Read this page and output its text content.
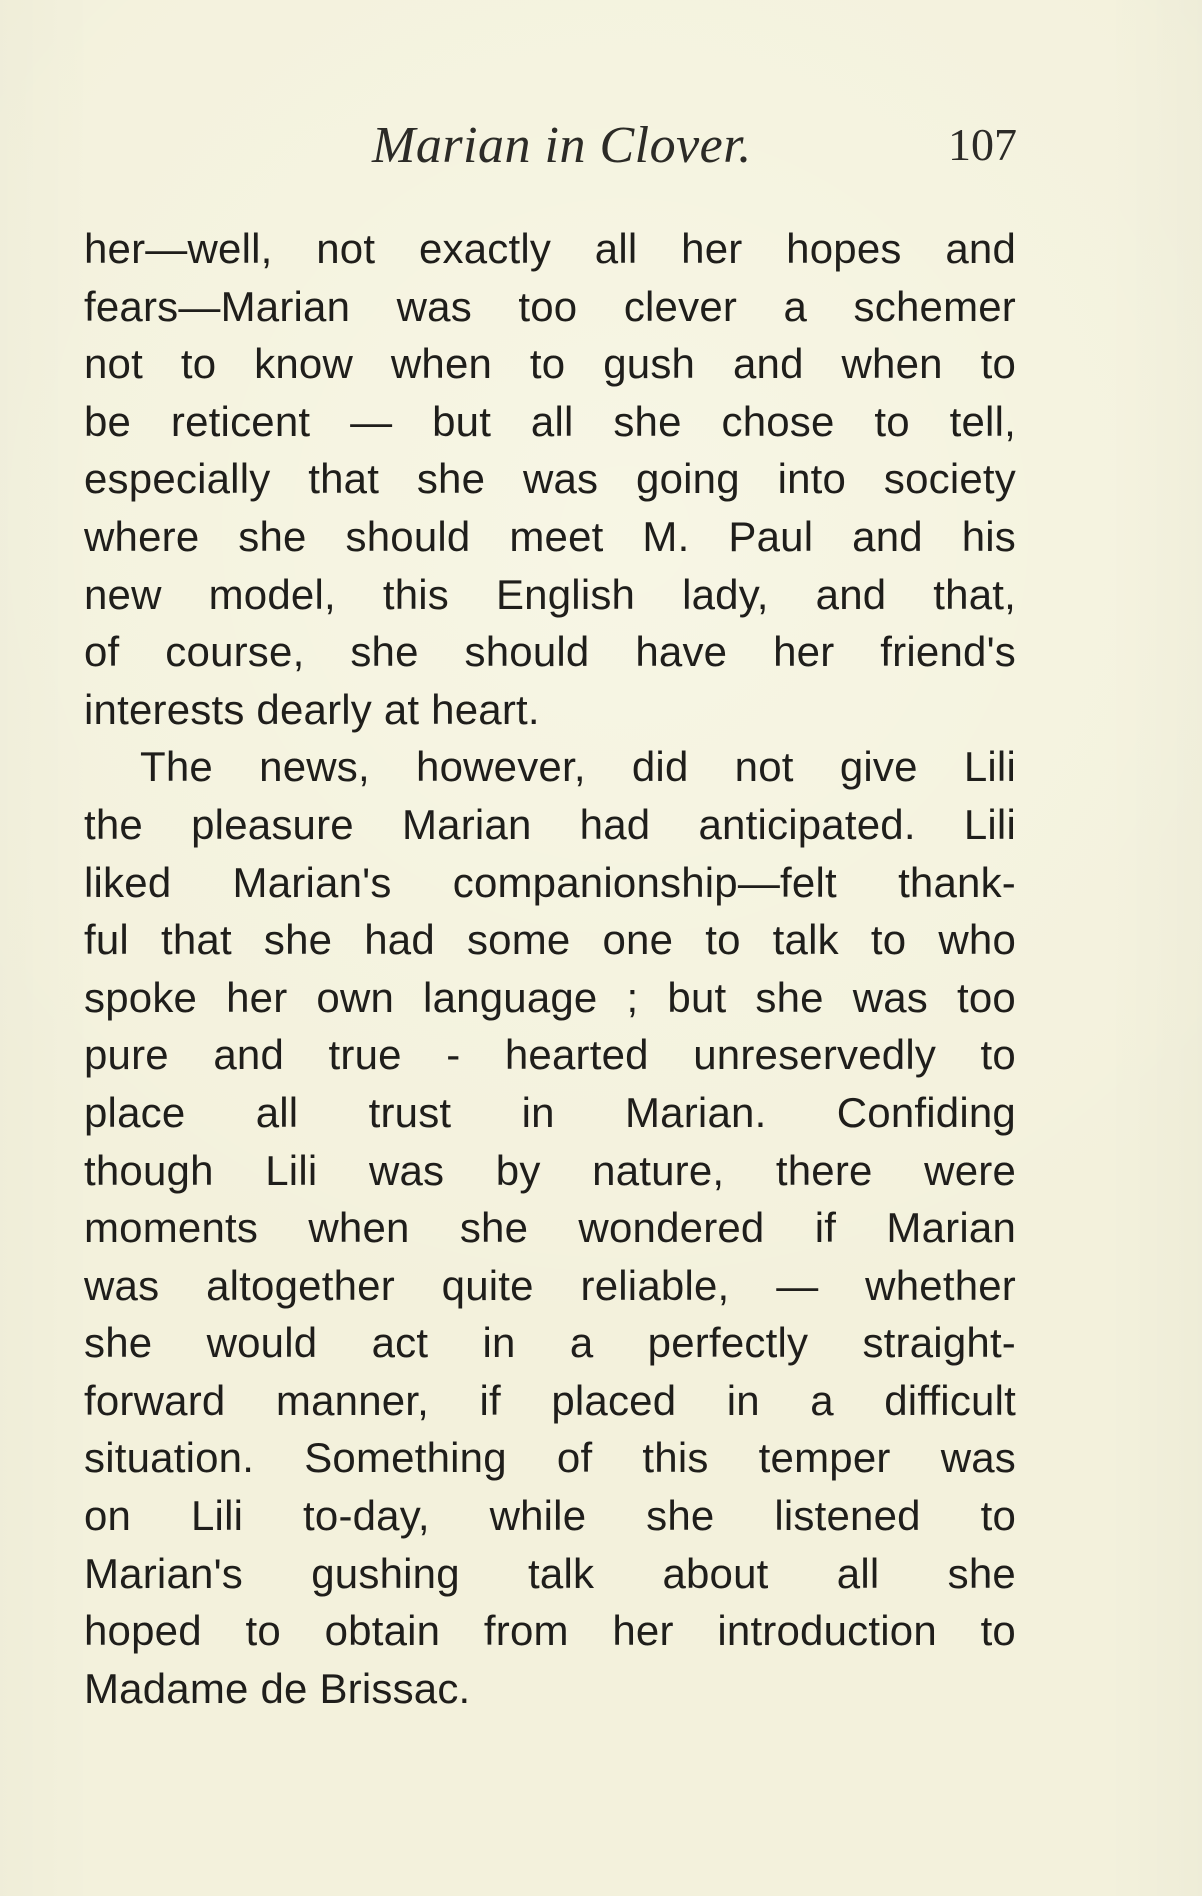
Marian in Clover.	107
her—well, not exactly all her hopes and
fears—Marian was too clever a schemer
not to know when to gush and when to
be reticent — but all she chose to tell,
especially that she was going into society
where she should meet M. Paul and his
new model, this English lady, and that,
of course, she should have her friend's
interests dearly at heart.
The news, however, did not give Lili
the pleasure Marian had anticipated. Lili
liked Marian's companionship—felt thank-
ful that she had some one to talk to who
spoke her own language ; but she was too
pure and true - hearted unreservedly to
place all trust in Marian. Confiding
though Lili was by nature, there were
moments when she wondered if Marian
was altogether quite reliable, — whether
she would act in a perfectly straight-
forward manner, if placed in a difficult
situation. Something of this temper was
on Lili to-day, while she listened to
Marian's gushing talk about all she
hoped to obtain from her introduction to
Madame de Brissac.
